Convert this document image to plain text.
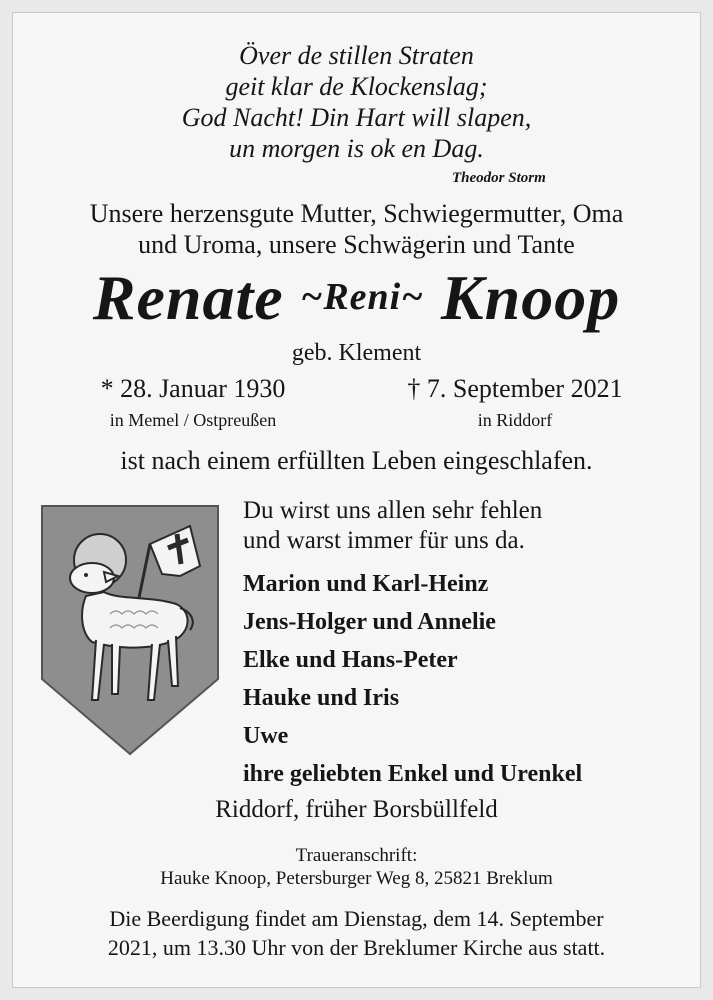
Över de stillen Straten
geit klar de Klockenslag;
God Nacht! Din Hart will slapen,
un morgen is ok en Dag.
Theodor Storm
Unsere herzensgute Mutter, Schwiegermutter, Oma
und Uroma, unsere Schwägerin und Tante
Renate ~Reni~ Knoop
geb. Klement
* 28. Januar 1930
in Memel / Ostpreußen
† 7. September 2021
in Riddorf
ist nach einem erfüllten Leben eingeschlafen.
Du wirst uns allen sehr fehlen
und warst immer für uns da.
Marion und Karl-Heinz
Jens-Holger und Annelie
Elke und Hans-Peter
Hauke und Iris
Uwe
ihre geliebten Enkel und Urenkel
Riddorf, früher Borsbüllfeld
Traueranschrift:
Hauke Knoop, Petersburger Weg 8, 25821 Breklum
Die Beerdigung findet am Dienstag, dem 14. September
2021, um 13.30 Uhr von der Breklumer Kirche aus statt.
